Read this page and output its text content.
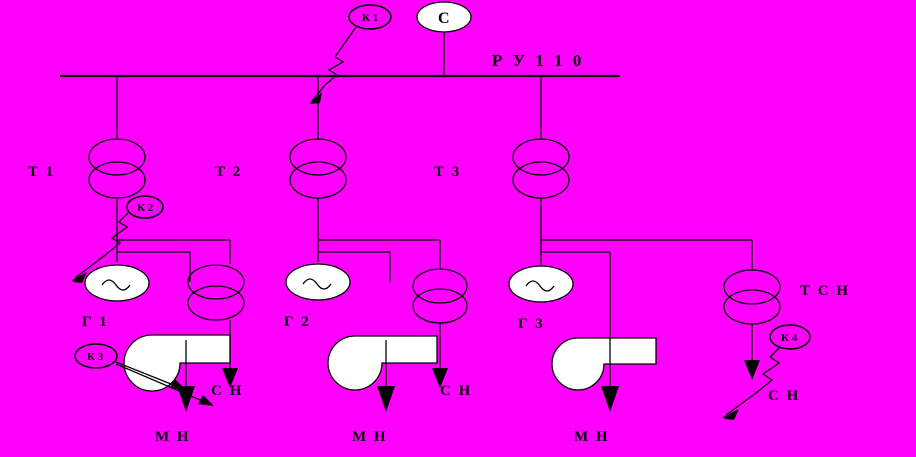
Р У 1 1 0
С
К 1
Т 1
К 2
Г 1
С Н
М Н
К 3
Т 2
Г 2
С Н
М Н
Т 3
Г 3
М Н
Т С Н
С Н
К 4
